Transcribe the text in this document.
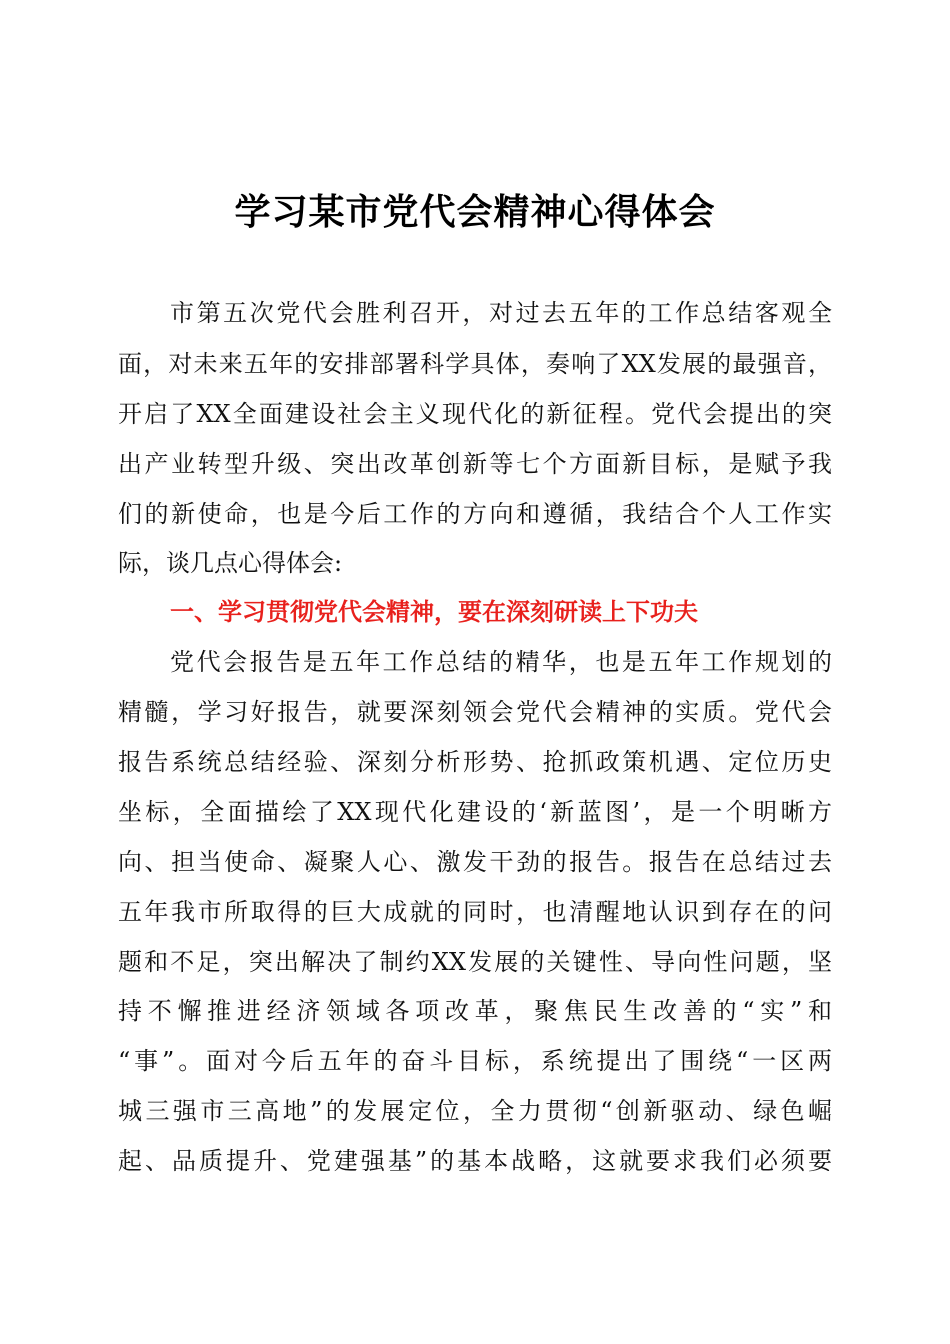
学习某市党代会精神心得体会
市第五次党代会胜利召开，对过去五年的工作总结客观全
面，对未来五年的安排部署科学具体，奏响了XX发展的最强音，
开启了XX全面建设社会主义现代化的新征程。党代会提出的突
出产业转型升级、突出改革创新等七个方面新目标，是赋予我
们的新使命，也是今后工作的方向和遵循，我结合个人工作实
际，谈几点心得体会:
一、学习贯彻党代会精神，要在深刻研读上下功夫
党代会报告是五年工作总结的精华，也是五年工作规划的
精髓，学习好报告，就要深刻领会党代会精神的实质。党代会
报告系统总结经验、深刻分析形势、抢抓政策机遇、定位历史
坐标，全面描绘了XX现代化建设的‘新蓝图’，是一个明晰方
向、担当使命、凝聚人心、激发干劲的报告。报告在总结过去
五年我市所取得的巨大成就的同时，也清醒地认识到存在的问
题和不足，突出解决了制约XX发展的关键性、导向性问题，坚
持不懈推进经济领域各项改革，聚焦民生改善的“实”和
“事”。面对今后五年的奋斗目标，系统提出了围绕“一区两
城三强市三高地”的发展定位，全力贯彻“创新驱动、绿色崛
起、品质提升、党建强基”的基本战略，这就要求我们必须要
